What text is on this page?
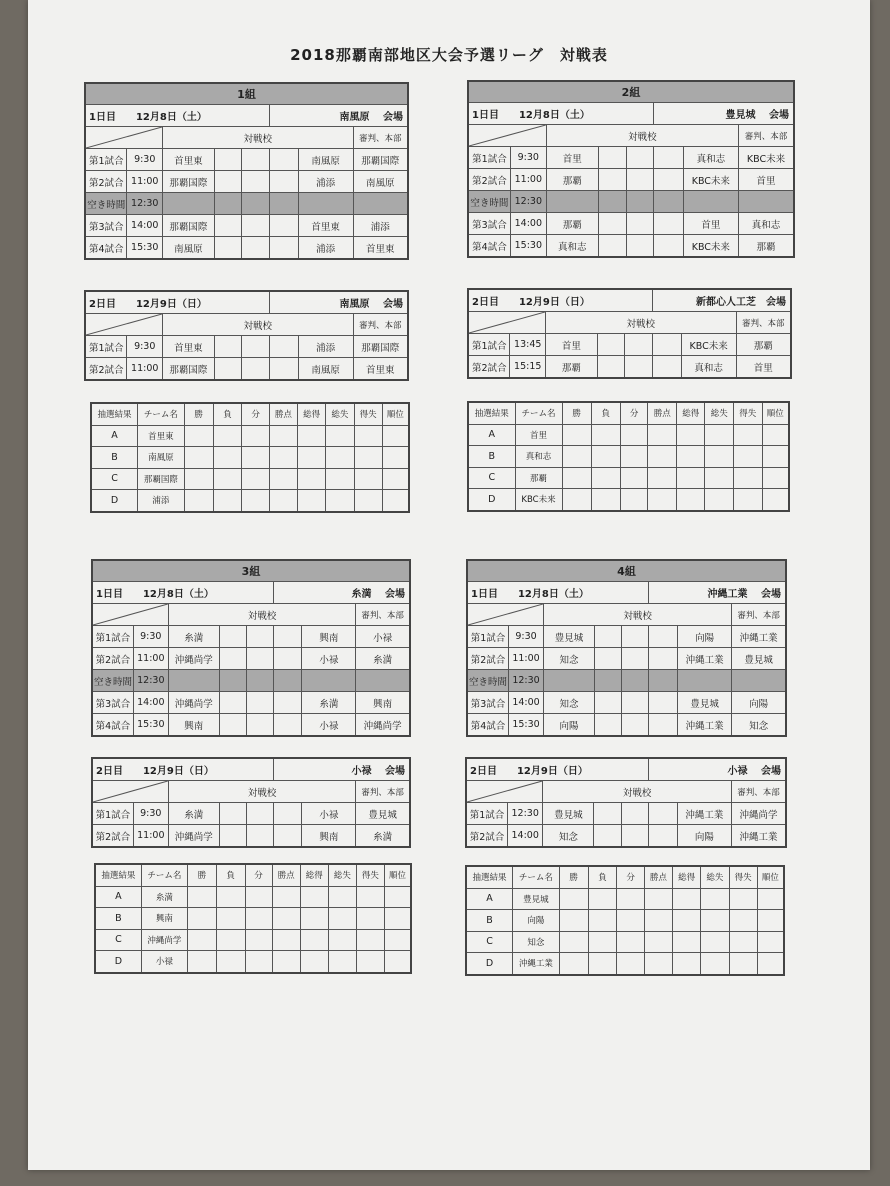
2018那覇南部地区大会予選リーグ　対戦表
1組							
1日目　　12月8日（土）					南風原　 会場		

	対戦校					審判、本部
第1試合	9:30	首里東				南風原	那覇国際
第2試合	11:00	那覇国際				浦添	南風原
空き時間	12:30						
第3試合	14:00	那覇国際				首里東	浦添
第4試合	15:30	南風原				浦添	首里東
2日目　　12月9日（日）					南風原　 会場		

	対戦校					審判、本部
第1試合	9:30	首里東				浦添	那覇国際
第2試合	11:00	那覇国際				南風原	首里東
抽選結果	チーム名	勝	負	分	勝点	総得	総失	得失	順位
A	首里東								
B	南風原								
C	那覇国際								
D	浦添								
2組							
1日目　　12月8日（土）					豊見城　 会場		

	対戦校					審判、本部
第1試合	9:30	首里				真和志	KBC未来
第2試合	11:00	那覇				KBC未来	首里
空き時間	12:30						
第3試合	14:00	那覇				首里	真和志
第4試合	15:30	真和志				KBC未来	那覇
2日目　　12月9日（日）					新都心人工芝　会場		

	対戦校					審判、本部
第1試合	13:45	首里				KBC未来	那覇
第2試合	15:15	那覇				真和志	首里
抽選結果	チーム名	勝	負	分	勝点	総得	総失	得失	順位
A	首里								
B	真和志								
C	那覇								
D	KBC未来								
3組							
1日目　　12月8日（土）					糸満　 会場		

	対戦校					審判、本部
第1試合	9:30	糸満				興南	小禄
第2試合	11:00	沖縄尚学				小禄	糸満
空き時間	12:30						
第3試合	14:00	沖縄尚学				糸満	興南
第4試合	15:30	興南				小禄	沖縄尚学
2日目　　12月9日（日）					小禄　 会場		

	対戦校					審判、本部
第1試合	9:30	糸満				小禄	豊見城
第2試合	11:00	沖縄尚学				興南	糸満
抽選結果	チーム名	勝	負	分	勝点	総得	総失	得失	順位
A	糸満								
B	興南								
C	沖縄尚学								
D	小禄								
4組							
1日目　　12月8日（土）					沖縄工業　 会場		

	対戦校					審判、本部
第1試合	9:30	豊見城				向陽	沖縄工業
第2試合	11:00	知念				沖縄工業	豊見城
空き時間	12:30						
第3試合	14:00	知念				豊見城	向陽
第4試合	15:30	向陽				沖縄工業	知念
2日目　　12月9日（日）					小禄　 会場		

	対戦校					審判、本部
第1試合	12:30	豊見城				沖縄工業	沖縄尚学
第2試合	14:00	知念				向陽	沖縄工業
抽選結果	チーム名	勝	負	分	勝点	総得	総失	得失	順位
A	豊見城								
B	向陽								
C	知念								
D	沖縄工業								
